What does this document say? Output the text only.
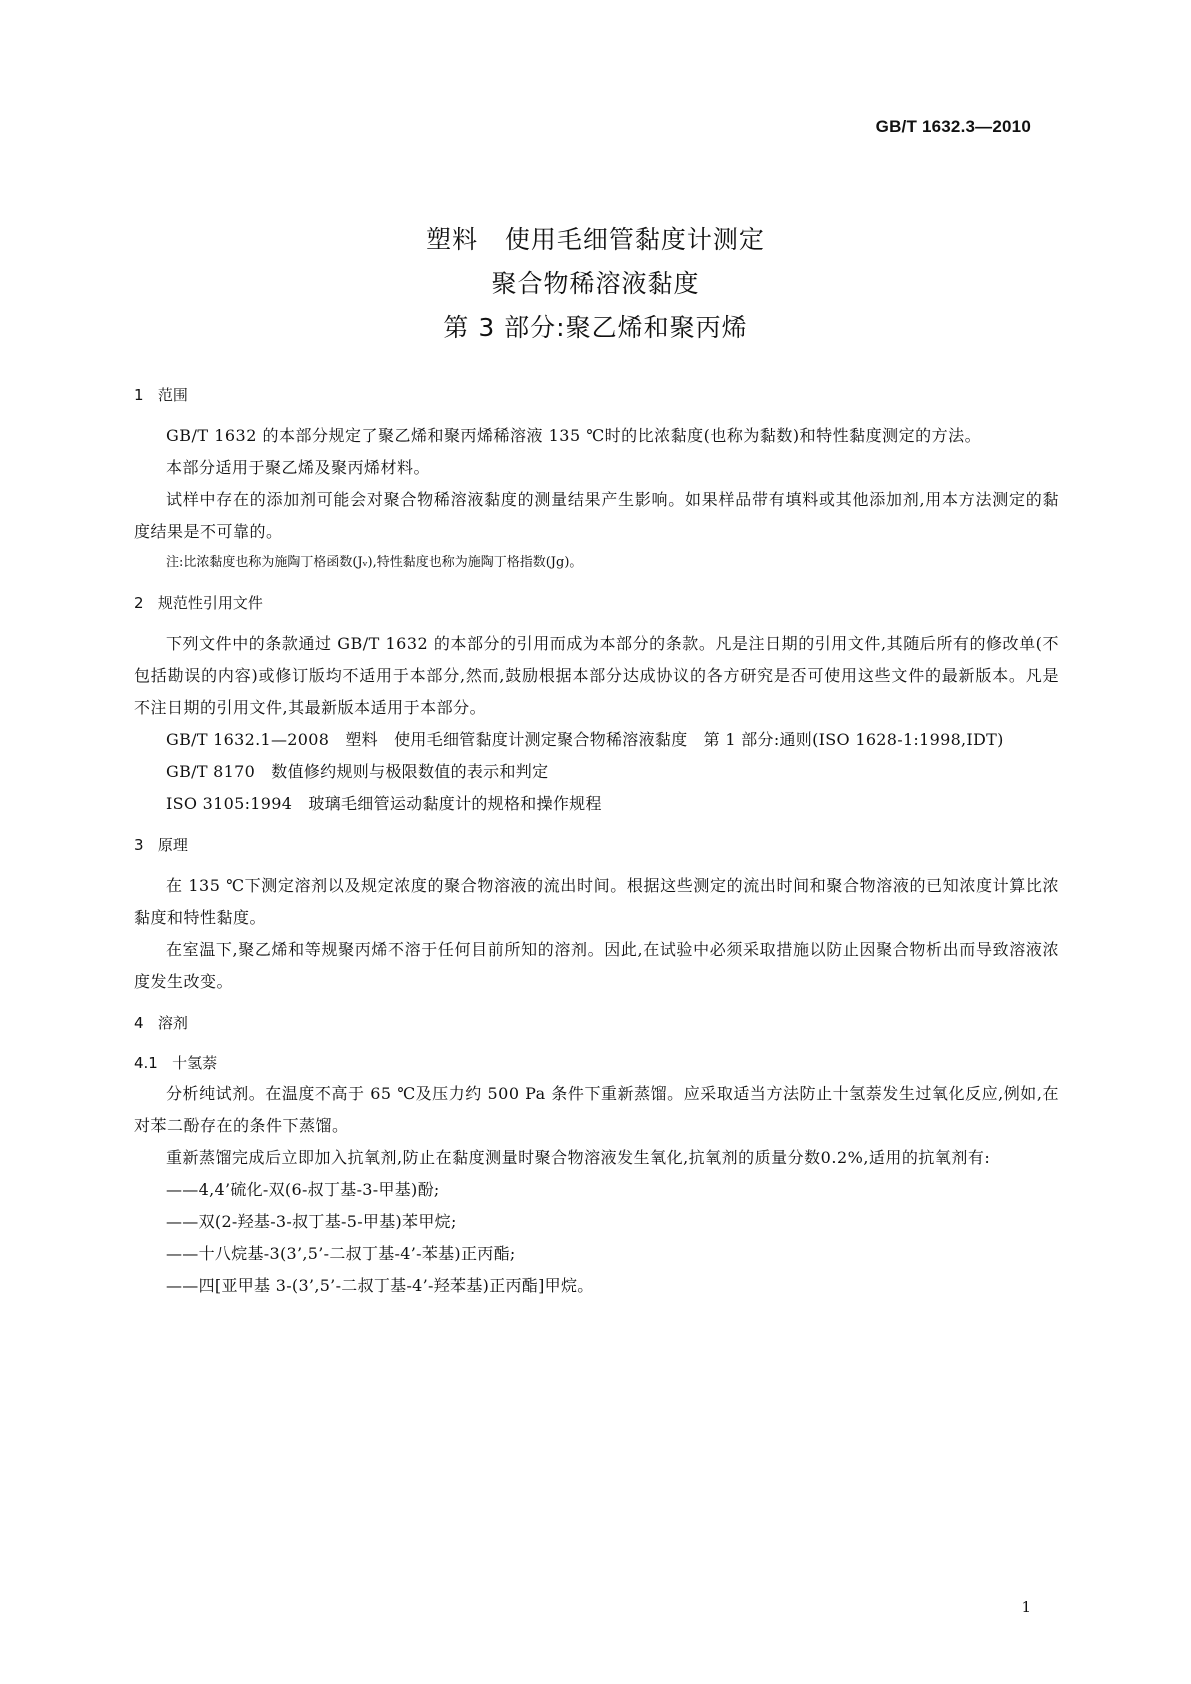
GB/T 1632.3—2010
塑料   使用毛细管黏度计测定
聚合物稀溶液黏度
第 3 部分:聚乙烯和聚丙烯

1   范围

GB/T 1632 的本部分规定了聚乙烯和聚丙烯稀溶液 135 ℃时的比浓黏度(也称为黏数)和特性黏度测定的方法。

本部分适用于聚乙烯及聚丙烯材料。

试样中存在的添加剂可能会对聚合物稀溶液黏度的测量结果产生影响。如果样品带有填料或其他添加剂,用本方法测定的黏度结果是不可靠的。

注:比浓黏度也称为施陶丁格函数(Jᵥ),特性黏度也称为施陶丁格指数(Jg)。

2   规范性引用文件

下列文件中的条款通过 GB/T 1632 的本部分的引用而成为本部分的条款。凡是注日期的引用文件,其随后所有的修改单(不包括勘误的内容)或修订版均不适用于本部分,然而,鼓励根据本部分达成协议的各方研究是否可使用这些文件的最新版本。凡是不注日期的引用文件,其最新版本适用于本部分。

GB/T 1632.1—2008   塑料   使用毛细管黏度计测定聚合物稀溶液黏度   第 1 部分:通则(ISO 1628-1:1998,IDT)

GB/T 8170   数值修约规则与极限数值的表示和判定

ISO 3105:1994   玻璃毛细管运动黏度计的规格和操作规程

3   原理

在 135 ℃下测定溶剂以及规定浓度的聚合物溶液的流出时间。根据这些测定的流出时间和聚合物溶液的已知浓度计算比浓黏度和特性黏度。

在室温下,聚乙烯和等规聚丙烯不溶于任何目前所知的溶剂。因此,在试验中必须采取措施以防止因聚合物析出而导致溶液浓度发生改变。

4   溶剂

4.1   十氢萘

分析纯试剂。在温度不高于 65 ℃及压力约 500 Pa 条件下重新蒸馏。应采取适当方法防止十氢萘发生过氧化反应,例如,在对苯二酚存在的条件下蒸馏。

重新蒸馏完成后立即加入抗氧剂,防止在黏度测量时聚合物溶液发生氧化,抗氧剂的质量分数0.2%,适用的抗氧剂有:

——4,4’硫化-双(6-叔丁基-3-甲基)酚;

——双(2-羟基-3-叔丁基-5-甲基)苯甲烷;

——十八烷基-3(3’,5’-二叔丁基-4’-苯基)正丙酯;

——四[亚甲基 3-(3’,5’-二叔丁基-4’-羟苯基)正丙酯]甲烷。

1
